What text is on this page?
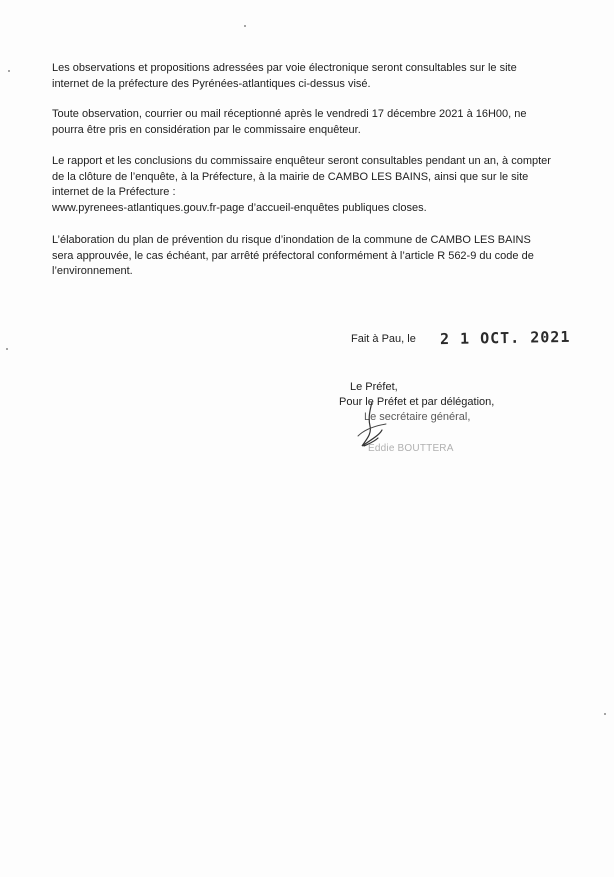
Les observations et propositions adressées par voie électronique seront consultables sur le site
internet de la préfecture des Pyrénées-atlantiques ci-dessus visé.

Toute observation, courrier ou mail réceptionné après le vendredi 17 décembre 2021 à 16H00, ne
pourra être pris en considération par le commissaire enquêteur.

Le rapport et les conclusions du commissaire enquêteur seront consultables pendant un an, à compter
de la clôture de l’enquête, à la Préfecture, à la mairie de CAMBO LES BAINS, ainsi que sur le site
internet de la Préfecture :
www.pyrenees-atlantiques.gouv.fr-page d’accueil-enquêtes publiques closes.

L’élaboration du plan de prévention du risque d’inondation de la commune de CAMBO LES BAINS
sera approuvée, le cas échéant, par arrêté préfectoral conformément à l’article R 562-9 du code de
l’environnement.

Fait à Pau, le 2 1 OCT. 2021
Le Préfet,
Pour le Préfet et par délégation,
Le secrétaire général,
Eddie BOUTTERA
